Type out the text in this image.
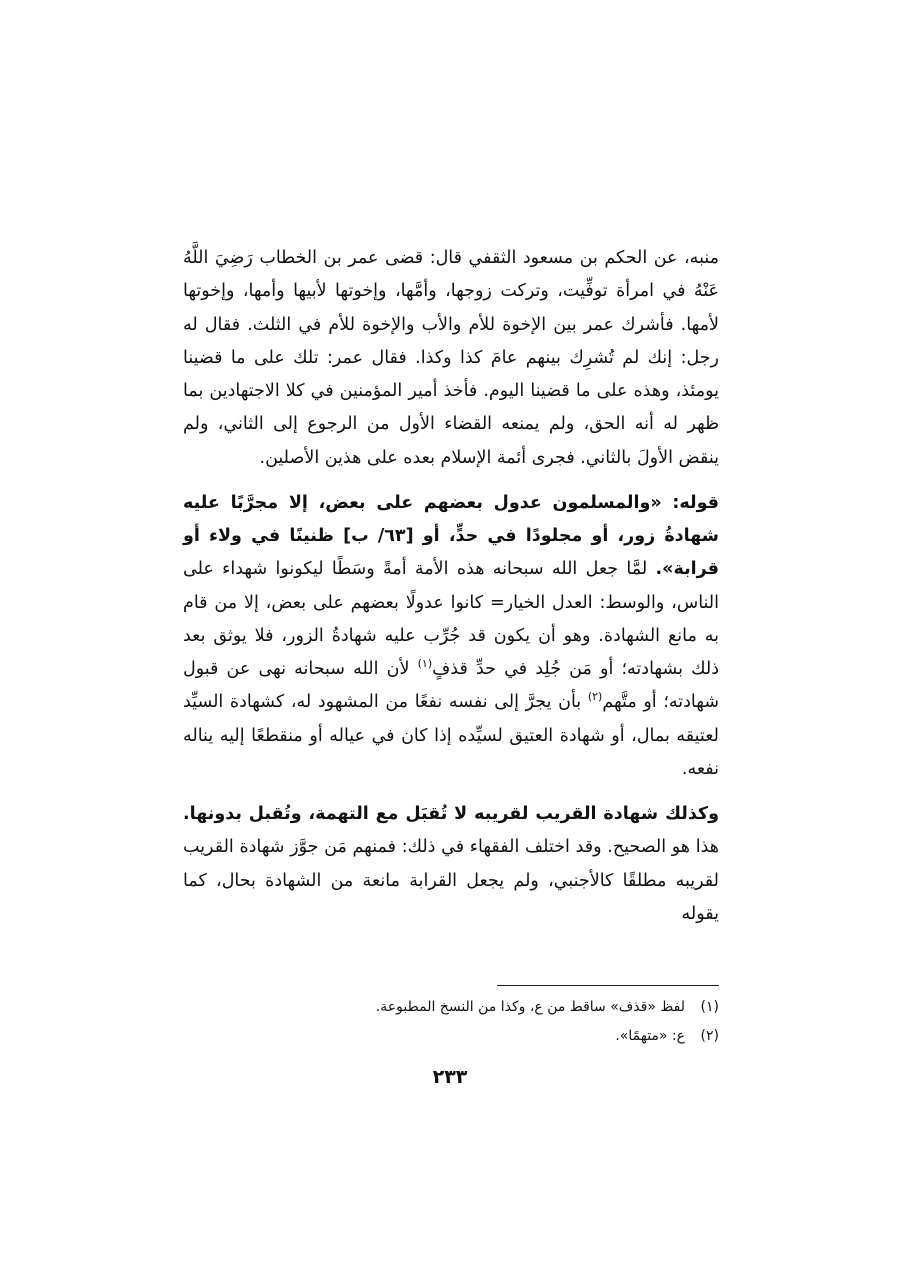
منبه، عن الحكم بن مسعود الثقفي قال: قضى عمر بن الخطاب رَضِيَ اللَّهُ عَنْهُ في امرأة توفِّيت، وتركت زوجها، وأمَّها، وإخوتها لأبيها وأمها، وإخوتها لأمها. فأشرك عمر بين الإخوة للأم والأب والإخوة للأم في الثلث. فقال له رجل: إنك لم تُشرِك بينهم عامَ كذا وكذا. فقال عمر: تلك على ما قضينا يومئذ، وهذه على ما قضينا اليوم. فأخذ أمير المؤمنين في كلا الاجتهادين بما ظهر له أنه الحق، ولم يمنعه القضاء الأول من الرجوع إلى الثاني، ولم ينقض الأولَ بالثاني. فجرى أئمة الإسلام بعده على هذين الأصلين.

قوله: «والمسلمون عدول بعضهم على بعض، إلا مجرَّبًا عليه شهادةُ زور، أو مجلودًا في حدٍّ، أو [٦٣/ ب] ظنينًا في ولاء أو قرابة». لمَّا جعل الله سبحانه هذه الأمة أمةً وسَطًا ليكونوا شهداء على الناس، والوسط: العدل الخيار= كانوا عدولًا بعضهم على بعض، إلا من قام به مانع الشهادة. وهو أن يكون قد جُرِّب عليه شهادةُ الزور، فلا يوثق بعد ذلك بشهادته؛ أو مَن جُلِد في حدِّ قذفٍ$^{(١)}$ لأن الله سبحانه نهى عن قبول شهادته؛ أو متَّهم$^{(٢)}$ بأن يجرَّ إلى نفسه نفعًا من المشهود له، كشهادة السيِّد لعتيقه بمال، أو شهادة العتيق لسيِّده إذا كان في عياله أو منقطعًا إليه يناله نفعه.

وكذلك شهادة القريب لقريبه لا تُقبَل مع التهمة، وتُقبل بدونها. هذا هو الصحيح. وقد اختلف الفقهاء في ذلك: فمنهم مَن جوَّز شهادة القريب لقريبه مطلقًا كالأجنبي، ولم يجعل القرابة مانعة من الشهادة بحال، كما يقوله

(١)لفظ «قذف» ساقط من ع، وكذا من النسخ المطبوعة.

(٢)ع: «متهمًا».

٢٣٣
